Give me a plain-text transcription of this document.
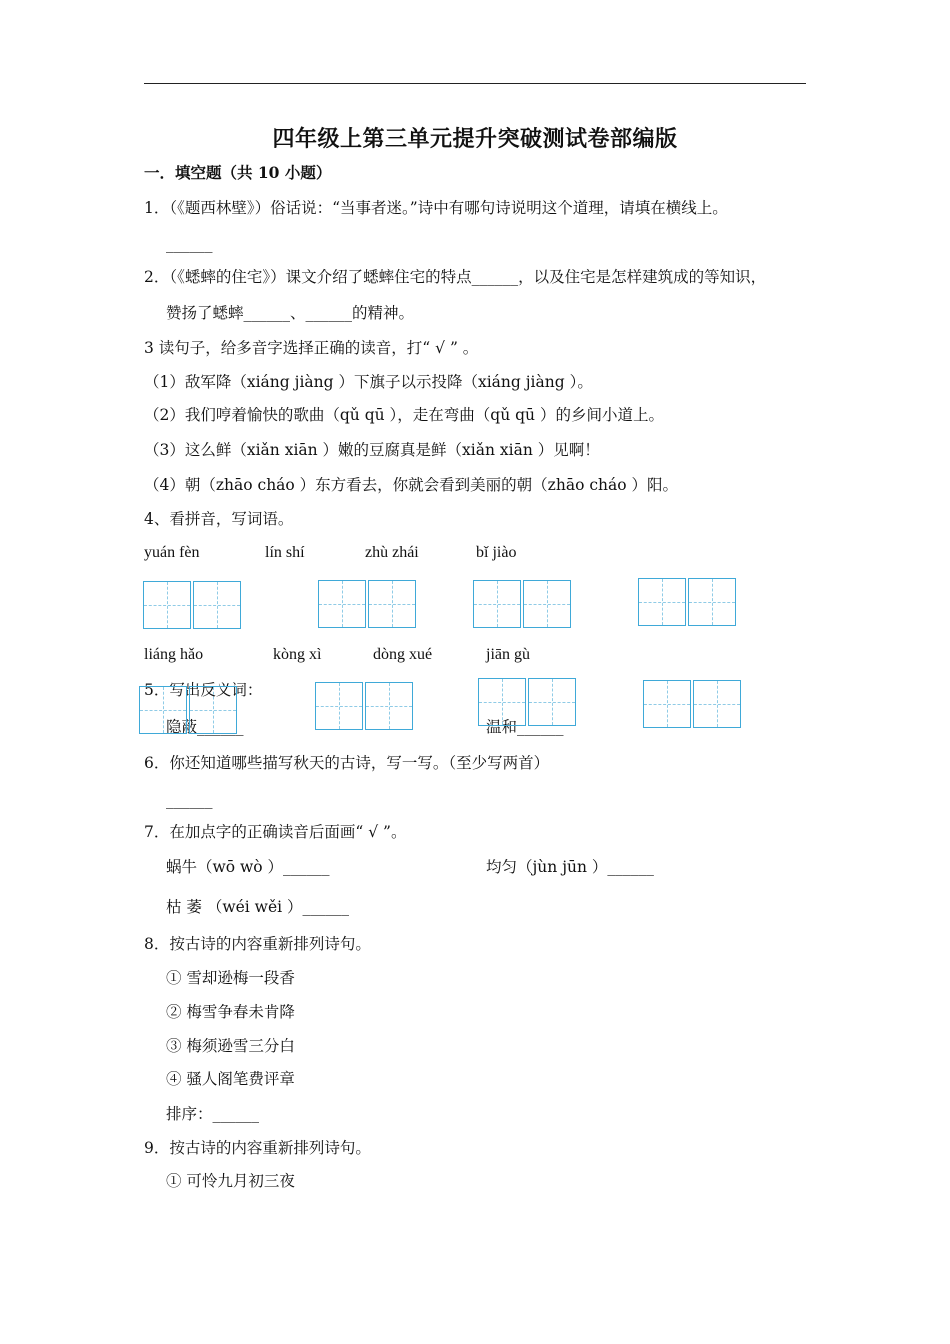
四年级上第三单元提升突破测试卷部编版
一．填空题（共 10 小题）
1．（《题西林壁》）俗话说：“当事者迷。”诗中有哪句诗说明这个道理，请填在横线上。
______
2．（《蟋蟀的住宅》）课文介绍了蟋蟀住宅的特点______，以及住宅是怎样建筑成的等知识，
赞扬了蟋蟀______、______的精神。
3 读句子，给多音字选择正确的读音，打“ √ ” 。
（1）敌军降（xiáng jiàng ）下旗子以示投降（xiáng jiàng ）。
（2）我们哼着愉快的歌曲（qǔ qū ），走在弯曲（qǔ qū ）的乡间小道上。
（3）这么鲜（xiǎn xiān ）嫩的豆腐真是鲜（xiǎn xiān ）见啊！
（4）朝（zhāo cháo ）东方看去，你就会看到美丽的朝（zhāo cháo ）阳。
4、看拼音，写词语。
yuán fèn	lín shí	zhù zhái	bǐ jiào
liáng hǎo	kòng xì	dòng xué	jiān gù
5．写出反义词：
隐蔽______	温和______
6．你还知道哪些描写秋天的古诗，写一写。（至少写两首）
______
7．在加点字的正确读音后面画“ √ ”。
蜗牛（wō wò ）______	均匀（jùn jūn ）______
枯 萎 （wéi wěi ）______
8．按古诗的内容重新排列诗句。
① 雪却逊梅一段香
② 梅雪争春未肯降
③ 梅须逊雪三分白
④ 骚人阁笔费评章
排序：______
9．按古诗的内容重新排列诗句。
① 可怜九月初三夜
